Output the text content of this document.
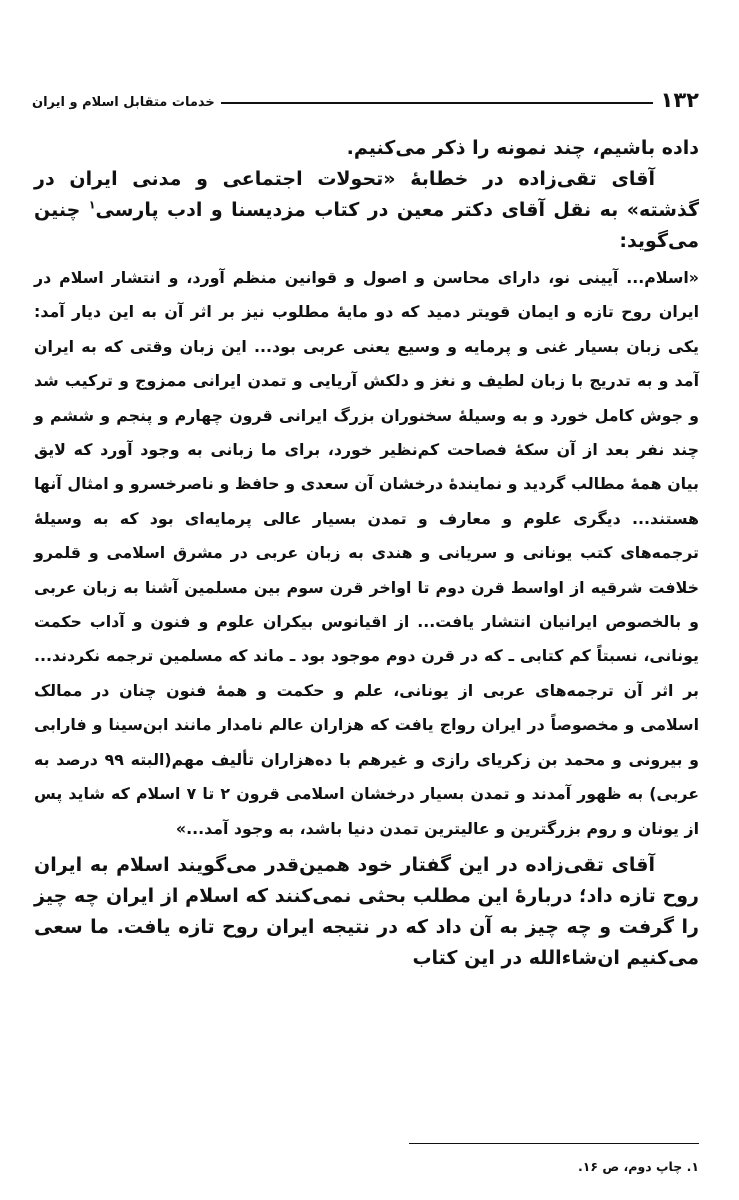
۱۳۲
خدمات متقابل اسلام و ایران

داده باشیم، چند نمونه را ذکر می‌کنیم.

آقای تقی‌زاده در خطابهٔ «تحولات اجتماعی و مدنی ایران در گذشته» به نقل آقای دکتر معین در کتاب مزدیسنا و ادب پارسی$^۱$ چنین می‌گوید:

«اسلام... آیینی نو، دارای محاسن و اصول و قوانین منظم آورد، و انتشار اسلام در ایران روح تازه و ایمان قویتر دمید که دو مایهٔ مطلوب نیز بر اثر آن به این دیار آمد: یکی زبان بسیار غنی و پرمایه و وسیع یعنی عربی بود... این زبان وقتی که به ایران آمد و به تدریج با زبان لطیف و نغز و دلکش آریایی و تمدن ایرانی ممزوج و ترکیب شد و جوش کامل خورد و به وسیلهٔ سخنوران بزرگ ایرانی قرون چهارم و پنجم و ششم و چند نفر بعد از آن سکهٔ فصاحت کم‌نظیر خورد، برای ما زبانی به وجود آورد که لایق بیان همهٔ مطالب گردید و نمایندهٔ درخشان آن سعدی و حافظ و ناصرخسرو و امثال آنها هستند... دیگری علوم و معارف و تمدن بسیار عالی پرمایه‌ای بود که به وسیلهٔ ترجمه‌های کتب یونانی و سریانی و هندی به زبان عربی در مشرق اسلامی و قلمرو خلافت شرقیه از اواسط قرن دوم تا اواخر قرن سوم بین مسلمین آشنا به زبان عربی و بالخصوص ایرانیان انتشار یافت... از اقیانوس بیکران علوم و فنون و آداب حکمت یونانی، نسبتاً کم کتابی ـ که در قرن دوم موجود بود ـ ماند که مسلمین ترجمه نکردند... بر اثر آن ترجمه‌های عربی از یونانی، علم و حکمت و همهٔ فنون چنان در ممالک اسلامی و مخصوصاً در ایران رواج یافت که هزاران عالم نامدار مانند ابن‌سینا و فارابی و بیرونی و محمد بن زکریای رازی و غیرهم با ده‌هزاران تألیف مهم(البته ۹۹ درصد به عربی) به ظهور آمدند و تمدن بسیار درخشان اسلامی قرون ۲ تا ۷ اسلام که شاید پس از یونان و روم بزرگترین و عالیترین تمدن دنیا باشد، به وجود آمد...»

آقای تقی‌زاده در این گفتار خود همین‌قدر می‌گویند اسلام به ایران روح تازه داد؛ دربارهٔ این مطلب بحثی نمی‌کنند که اسلام از ایران چه چیز را گرفت و چه چیز به آن داد که در نتیجه ایران روح تازه یافت. ما سعی می‌کنیم ان‌شاءالله در این کتاب

۱. چاپ دوم، ص ۱۶.
